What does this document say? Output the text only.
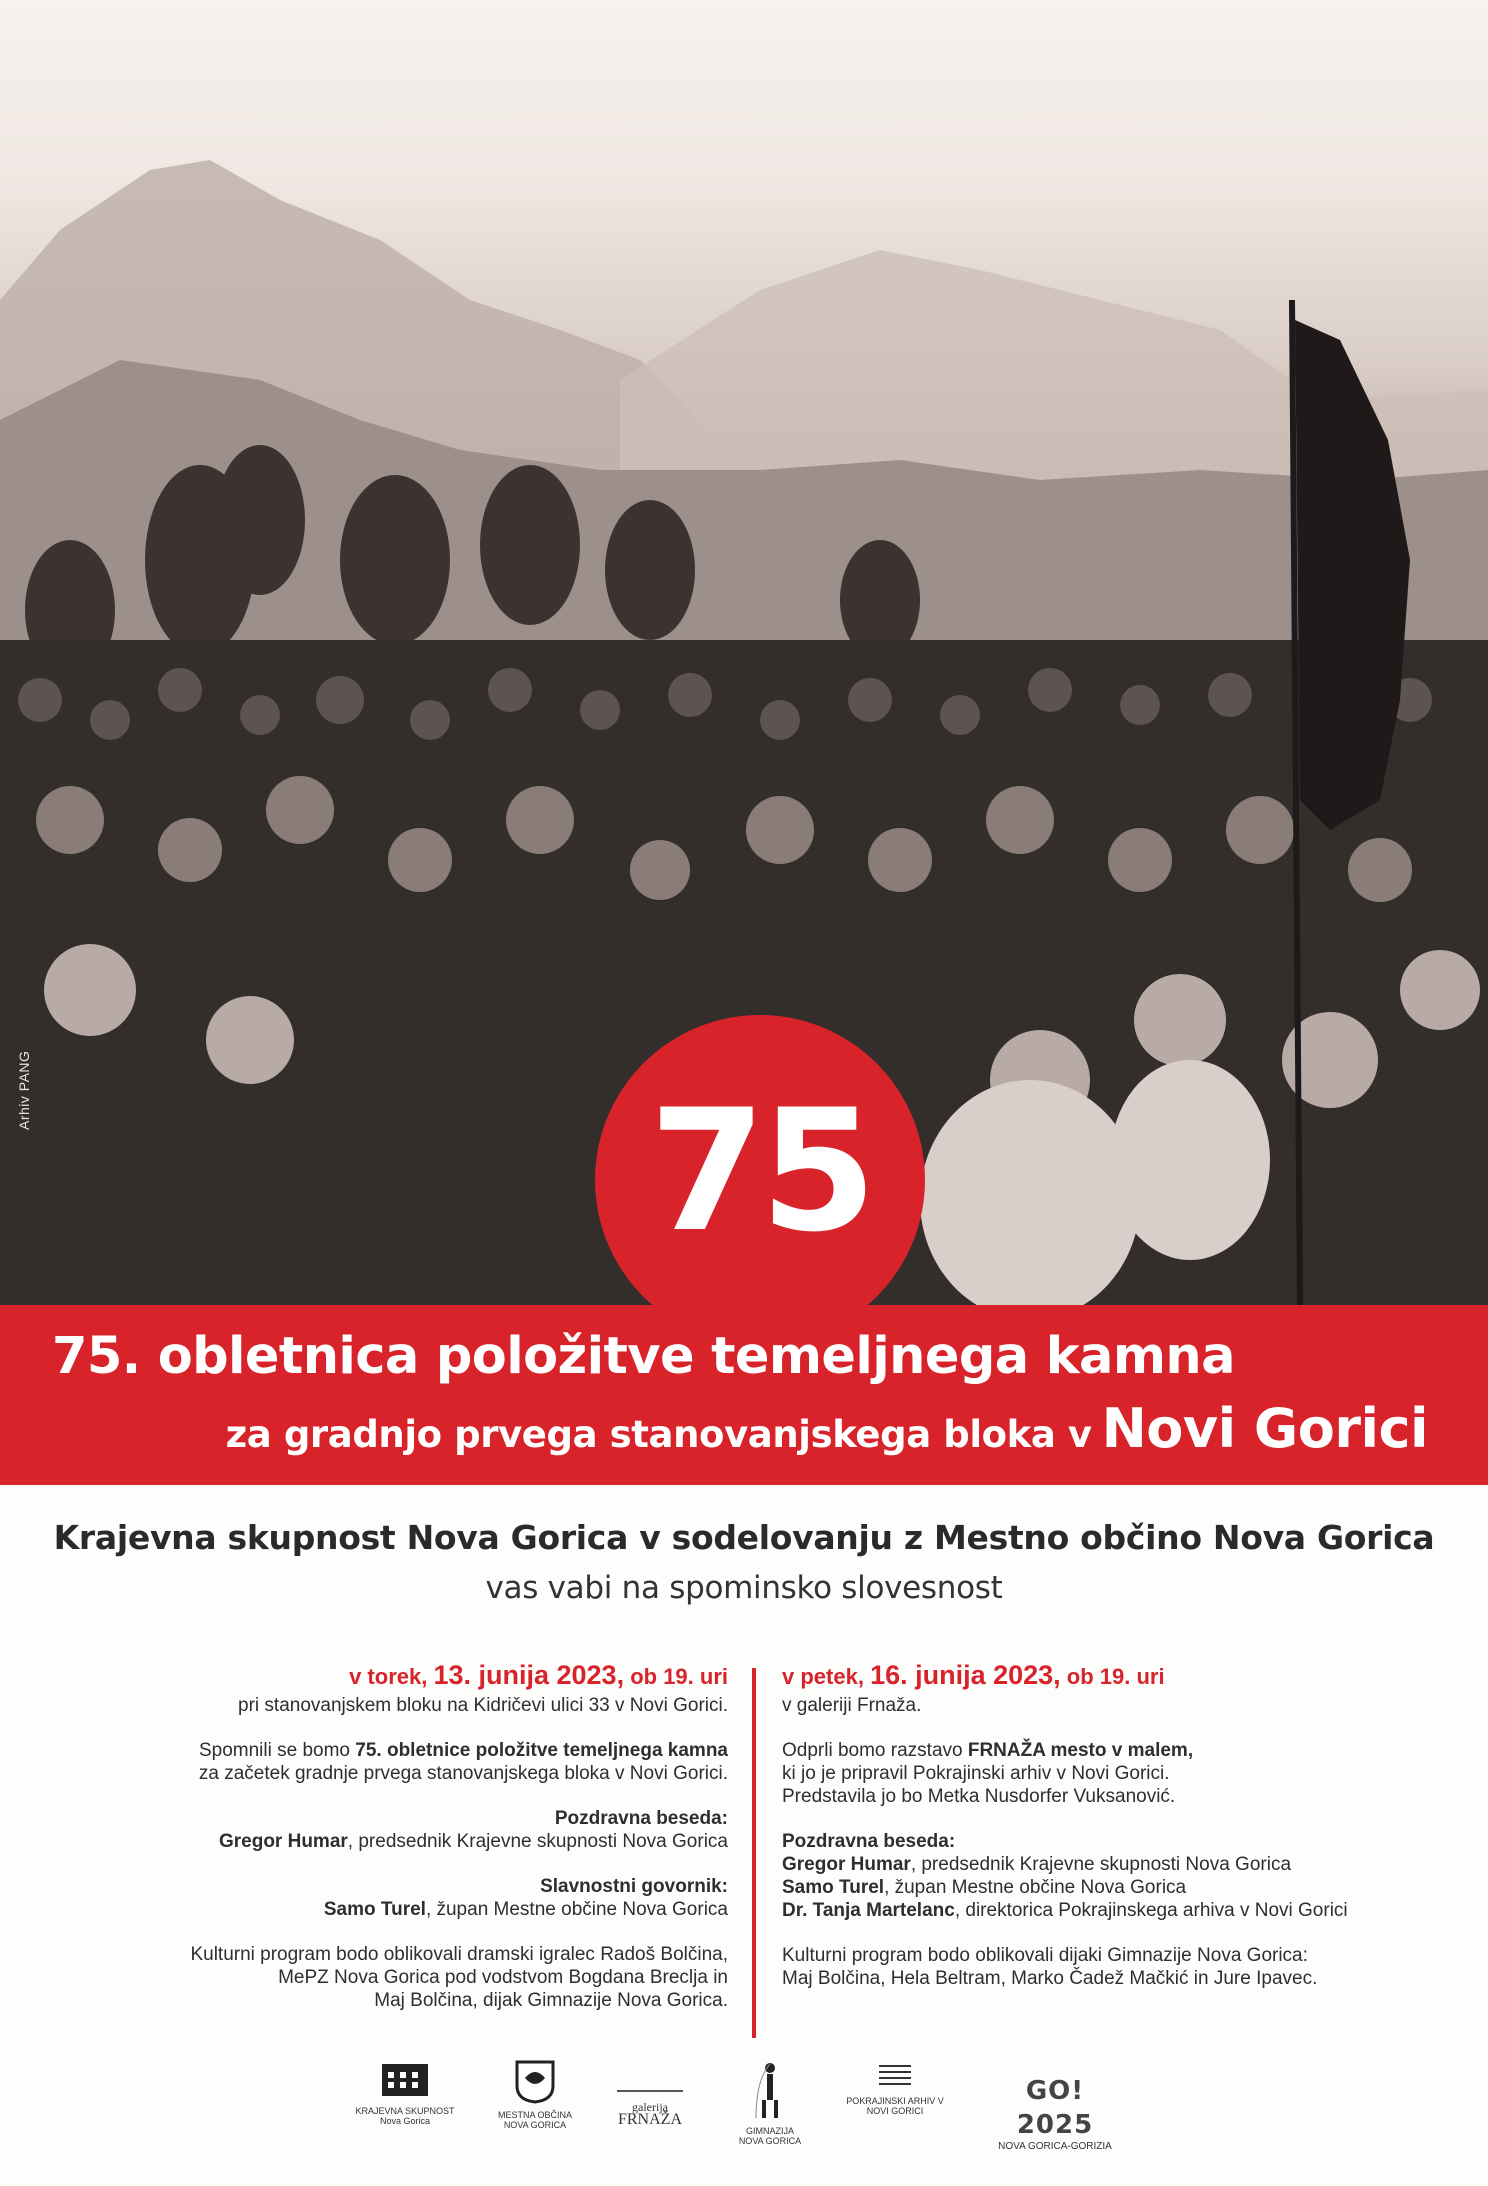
Arhiv PANG	75
75. obletnica položitve temeljnega kamna
za gradnjo prvega stanovanjskega bloka v Novi Gorici
Krajevna skupnost Nova Gorica v sodelovanju z Mestno občino Nova Gorica
vas vabi na spominsko slovesnost
v torek, 13. junija 2023, ob 19. uri

pri stanovanjskem bloku na Kidričevi ulici 33 v Novi Gorici.

Spomnili se bomo 75. obletnice položitve temeljnega kamna
za začetek gradnje prvega stanovanjskega bloka v Novi Gorici.

Pozdravna beseda:
Gregor Humar, predsednik Krajevne skupnosti Nova Gorica

Slavnostni govornik:
Samo Turel, župan Mestne občine Nova Gorica

Kulturni program bodo oblikovali dramski igralec Radoš Bolčina,
MePZ Nova Gorica pod vodstvom Bogdana Breclja in
Maj Bolčina, dijak Gimnazije Nova Gorica.

v petek, 16. junija 2023, ob 19. uri

v galeriji Frnaža.

Odprli bomo razstavo FRNAŽA mesto v malem,
ki jo je pripravil Pokrajinski arhiv v Novi Gorici.
Predstavila jo bo Metka Nusdorfer Vuksanović.

Pozdravna beseda:
Gregor Humar, predsednik Krajevne skupnosti Nova Gorica
Samo Turel, župan Mestne občine Nova Gorica
Dr. Tanja Martelanc, direktorica Pokrajinskega arhiva v Novi Gorici

Kulturni program bodo oblikovali dijaki Gimnazije Nova Gorica:
Maj Bolčina, Hela Beltram, Marko Čadež Mačkić in Jure Ipavec.

KRAJEVNA SKUPNOST
Nova Gorica
MESTNA OBČINA
NOVA GORICA
galerija
FRNAŽA
GIMNAZIJA
NOVA GORICA
POKRAJINSKI ARHIV V
NOVI GORICI
GO! 2025
NOVA GORICA-GORIZIA
